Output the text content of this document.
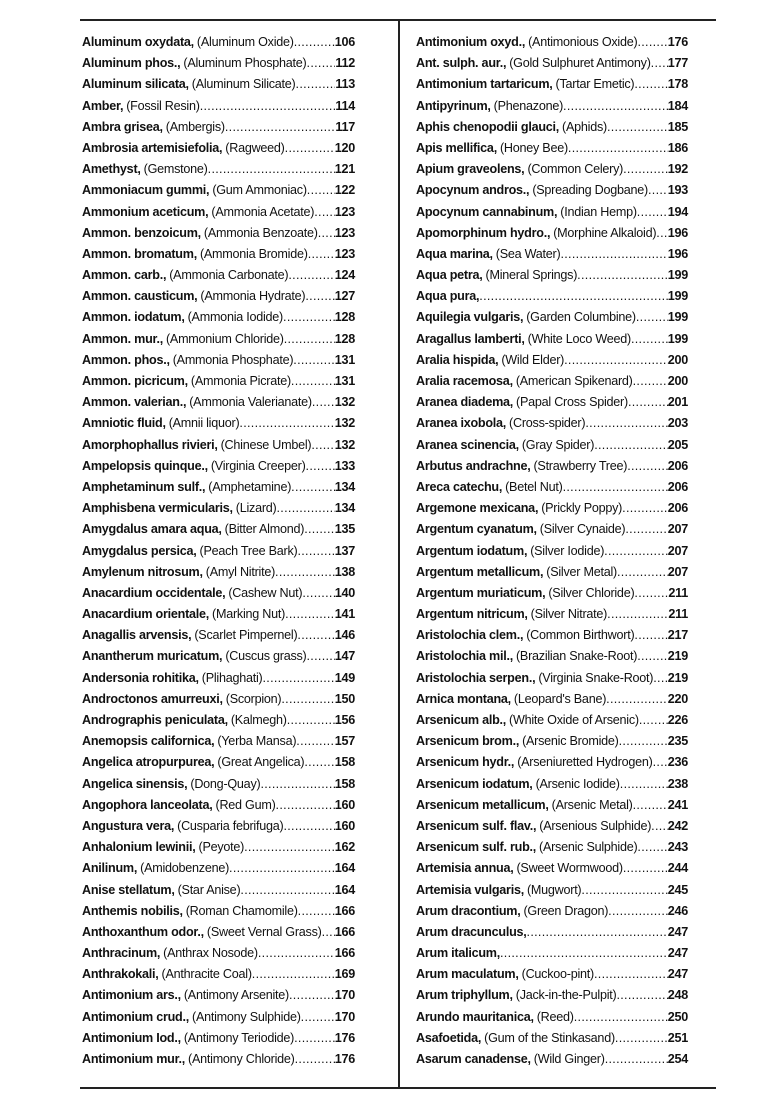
Aluminum oxydata, (Aluminum Oxide) .....	106
Aluminum phos., (Aluminum Phosphate) ..... 112
Aluminum silicata, (Aluminum Silicate) .....	113
Amber, (Fossil Resin) .....	114
Ambra grisea, (Ambergis) .....	117
Ambrosia artemisiefolia, (Ragweed) .....	120
Amethyst, (Gemstone) .....	121
Ammoniacum gummi, (Gum Ammoniac) ..... 122
Ammonium aceticum, (Ammonia Acetate) ..... 123
Ammon. benzoicum, (Ammonia Benzoate) ..... 123
Ammon. bromatum, (Ammonia Bromide) ..... 123
Ammon. carb., (Ammonia Carbonate) .....	124
Ammon. causticum, (Ammonia Hydrate) ..... 127
Ammon. iodatum, (Ammonia Iodide) .....	128
Ammon. mur., (Ammonium Chloride) .....	128
Ammon. phos., (Ammonia Phosphate) .....	131
Ammon. picricum, (Ammonia Picrate) .....	131
Ammon. valerian., (Ammonia Valerianate) ..... 132
Amniotic fluid, (Amnii liquor) .....	132
Amorphophallus rivieri, (Chinese Umbel) ..... 132
Ampelopsis quinque., (Virginia Creeper) ..... 133
Amphetaminum sulf., (Amphetamine) .....	134
Amphisbena vermicularis, (Lizard) .....	134
Amygdalus amara aqua, (Bitter Almond) ..... 135
Amygdalus persica, (Peach Tree Bark) .....	137
Amylenum nitrosum, (Amyl Nitrite) .....	138
Anacardium occidentale, (Cashew Nut) .....	140
Anacardium orientale, (Marking Nut) .....	141
Anagallis arvensis, (Scarlet Pimpernel) .....	146
Anantherum muricatum, (Cuscus grass) ..... 147
Andersonia rohitika, (Plihaghati) .....	149
Androctonos amurreuxi, (Scorpion) .....	150
Andrographis peniculata, (Kalmegh) .....	156
Anemopsis californica, (Yerba Mansa) .....	157
Angelica atropurpurea, (Great Angelica) ..... 158
Angelica sinensis, (Dong-Quay) .....	158
Angophora lanceolata, (Red Gum) .....	160
Angustura vera, (Cusparia febrifuga) .....	160
Anhalonium lewinii, (Peyote) .....	162
Anilinum, (Amidobenzene) .....	164
Anise stellatum, (Star Anise) .....	164
Anthemis nobilis, (Roman Chamomile) .....	166
Anthoxanthum odor., (Sweet Vernal Grass) ..... 166
Anthracinum, (Anthrax Nosode) .....	166
Anthrakokali, (Anthracite Coal) .....	169
Antimonium ars., (Antimony Arsenite) .....	170
Antimonium crud., (Antimony Sulphide) .....	170
Antimonium Iod., (Antimony Teriodide) .....	176
Antimonium mur., (Antimony Chloride) .....	176
Antimonium oxyd., (Antimonious Oxide) ..... 176
Ant. sulph. aur., (Gold Sulphuret Antimony) ..... 177
Antimonium tartaricum, (Tartar Emetic) .....	178
Antipyrinum, (Phenazone) .....	184
Aphis chenopodii glauci, (Aphids) .....	185
Apis mellifica, (Honey Bee) .....	186
Apium graveolens, (Common Celery) .....	192
Apocynum andros., (Spreading Dogbane) ..... 193
Apocynum cannabinum, (Indian Hemp) ..... 194
Apomorphinum hydro., (Morphine Alkaloid) ..... 196
Aqua marina, (Sea Water) .....	196
Aqua petra, (Mineral Springs) .....	199
Aqua pura, .....	199
Aquilegia vulgaris, (Garden Columbine) .....	199
Aragallus lamberti, (White Loco Weed) .....	199
Aralia hispida, (Wild Elder) .....	200
Aralia racemosa, (American Spikenard) .....	200
Aranea diadema, (Papal Cross Spider) .....	201
Aranea ixobola, (Cross-spider) .....	203
Aranea scinencia, (Gray Spider) .....	205
Arbutus andrachne, (Strawberry Tree) .....	206
Areca catechu, (Betel Nut) .....	206
Argemone mexicana, (Prickly Poppy) .....	206
Argentum cyanatum, (Silver Cynaide) .....	207
Argentum iodatum, (Silver Iodide) .....	207
Argentum metallicum, (Silver Metal) .....	207
Argentum muriaticum, (Silver Chloride) .....	211
Argentum nitricum, (Silver Nitrate) .....	211
Aristolochia clem., (Common Birthwort) .....	217
Aristolochia mil., (Brazilian Snake-Root) ..... 219
Aristolochia serpen., (Virginia Snake-Root) ..... 219
Arnica montana, (Leopard's Bane) .....	220
Arsenicum alb., (White Oxide of Arsenic) ..... 226
Arsenicum brom., (Arsenic Bromide) .....	235
Arsenicum hydr., (Arseniuretted Hydrogen) ..... 236
Arsenicum iodatum, (Arsenic Iodide) .....	238
Arsenicum metallicum, (Arsenic Metal) .....	241
Arsenicum sulf. flav., (Arsenious Sulphide) ..... 242
Arsenicum sulf. rub., (Arsenic Sulphide) ..... 243
Artemisia annua, (Sweet Wormwood) .....	244
Artemisia vulgaris, (Mugwort) .....	245
Arum dracontium, (Green Dragon) .....	246
Arum dracunculus, .....	247
Arum italicum, .....	247
Arum maculatum, (Cuckoo-pint) .....	247
Arum triphyllum, (Jack-in-the-Pulpit) .....	248
Arundo mauritanica, (Reed) .....	250
Asafoetida, (Gum of the Stinkasand) .....	251
Asarum canadense, (Wild Ginger) .....	254
